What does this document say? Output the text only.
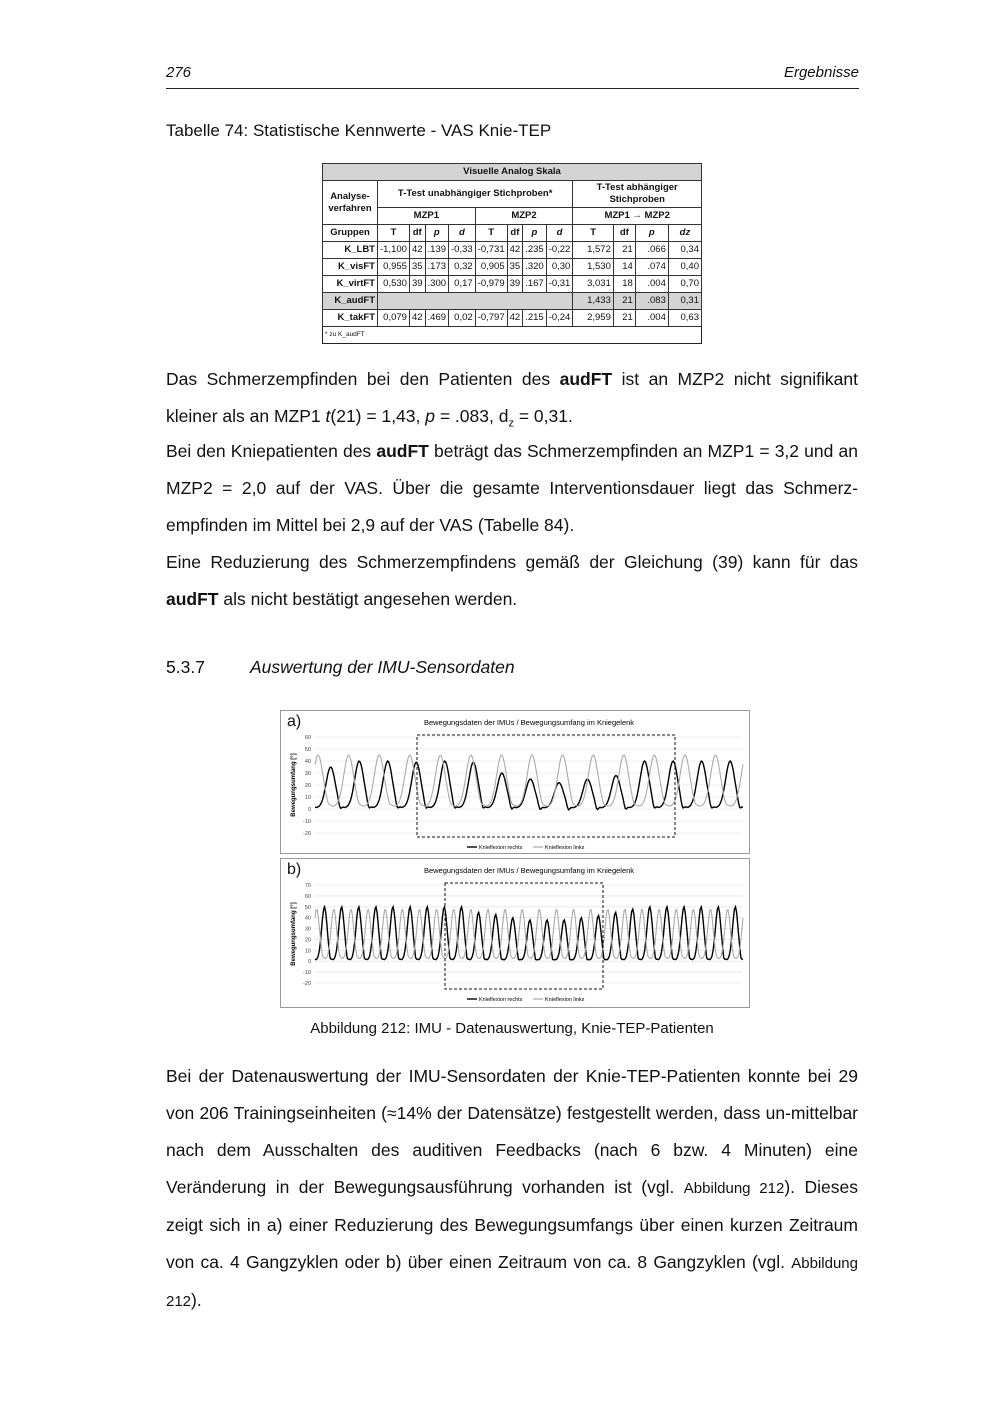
276	Ergebnisse
Tabelle 74: Statistische Kennwerte - VAS Knie-TEP
Visuelle Analog Skala												
Analyse-verfahren	T-Test unabhängiger Stichproben*								T-Test abhängiger Stichproben			
	MZP1				MZP2				MZP1 → MZP2			
Gruppen	T	df	p	d	T	df	p	d	T	df	p	dz
K_LBT	-1,100	42	.139	-0,33	-0,731	42	.235	-0,22	1,572	21	.066	0,34
K_visFT	0,955	35	.173	0,32	0,905	35	.320	0,30	1,530	14	.074	0,40
K_virtFT	0,530	39	.300	0,17	-0,979	39	.167	-0,31	3,031	18	.004	0,70
K_audFT									1,433	21	.083	0,31
K_takFT	0,079	42	.469	0,02	-0,797	42	.215	-0,24	2,959	21	.004	0,63
* zu K_audFT												
Das Schmerzempfinden bei den Patienten des audFT ist an MZP2 nicht signifikant kleiner als an MZP1 t(21) = 1,43, p = .083, $d_z = 0,31$.
Bei den Kniepatienten des audFT beträgt das Schmerzempfinden an MZP1 = 3,2 und an MZP2 = 2,0 auf der VAS. Über die gesamte Interventionsdauer liegt das Schmerz-empfinden im Mittel bei 2,9 auf der VAS (Tabelle 84).
Eine Reduzierung des Schmerzempfindens gemäß der Gleichung (39) kann für das audFT als nicht bestätigt angesehen werden.
5.3.7	Auswertung der IMU-Sensordaten
a)	Bewegungsdaten der IMUs / Bewegungsumfang im Kniegelenk
Bewegungsumfang [°]
-20
-10
0
10
20
30
40
50
60
Knieflexion rechts	Knieflexion links
b)	Bewegungsdaten der IMUs / Bewegungsumfang im Kniegelenk
Bewegungsumfang [°]
-20
-10
0
10
20
30
40
50
60
70
Knieflexion rechts	Knieflexion links
Abbildung 212: IMU - Datenauswertung, Knie-TEP-Patienten
Bei der Datenauswertung der IMU-Sensordaten der Knie-TEP-Patienten konnte bei 29 von 206 Trainingseinheiten (≈14% der Datensätze) festgestellt werden, dass un-mittelbar nach dem Ausschalten des auditiven Feedbacks (nach 6 bzw. 4 Minuten) eine Veränderung in der Bewegungsausführung vorhanden ist (vgl. Abbildung 212). Dieses zeigt sich in a) einer Reduzierung des Bewegungsumfangs über einen kurzen Zeitraum von ca. 4 Gangzyklen oder b) über einen Zeitraum von ca. 8 Gangzyklen (vgl. Abbildung 212).
